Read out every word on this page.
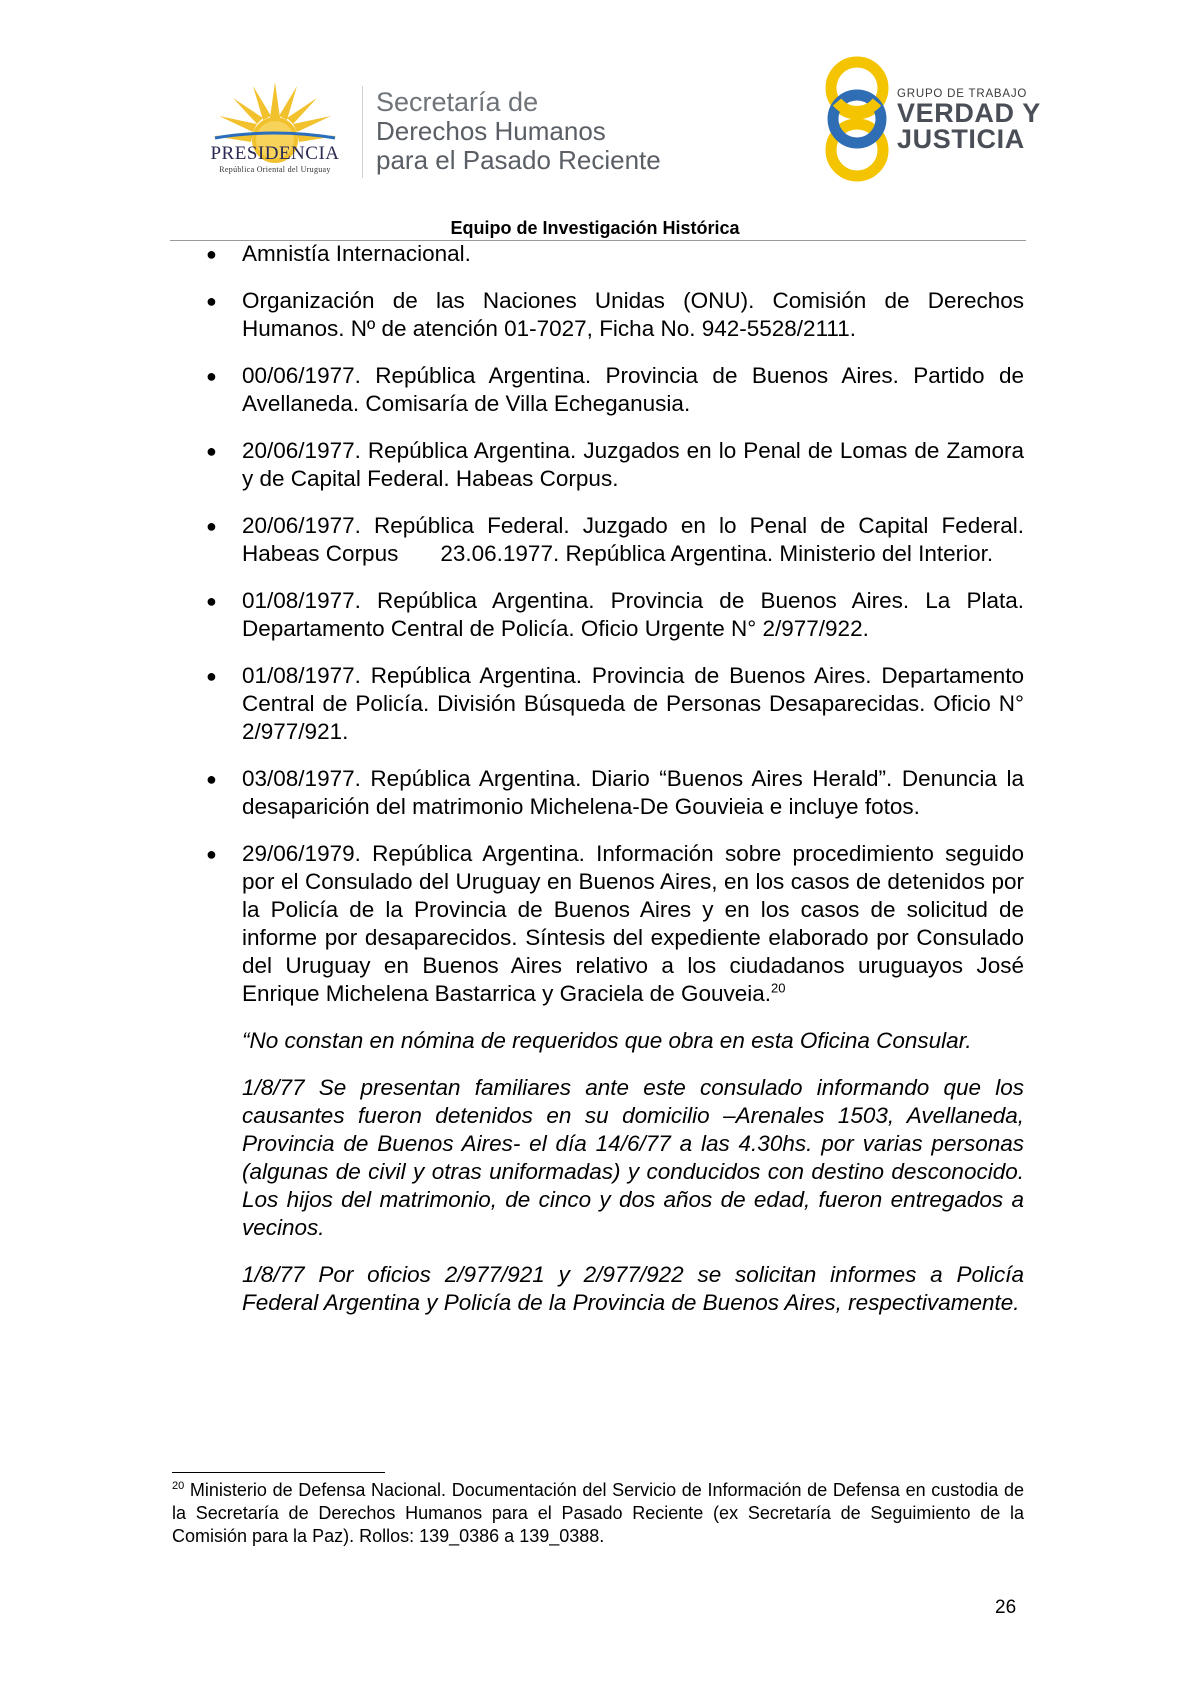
PRESIDENCIA
República Oriental del Uruguay
Secretaría de
Derechos Humanos
para el Pasado Reciente
GRUPO DE TRABAJO
VERDAD Y
JUSTICIA
Equipo de Investigación Histórica
● Amnistía Internacional.
● Organización de las Naciones Unidas (ONU). Comisión de Derechos Humanos. Nº de atención 01-7027, Ficha No. 942-5528/2111.
● 00/06/1977. República Argentina. Provincia de Buenos Aires. Partido de Avellaneda. Comisaría de Villa Echeganusia.
● 20/06/1977. República Argentina. Juzgados en lo Penal de Lomas de Zamora y de Capital Federal. Habeas Corpus.
● 20/06/1977. República Federal. Juzgado en lo Penal de Capital Federal. Habeas Corpus 23.06.1977. República Argentina. Ministerio del Interior.
● 01/08/1977. República Argentina. Provincia de Buenos Aires. La Plata. Departamento Central de Policía. Oficio Urgente N° 2/977/922.
● 01/08/1977. República Argentina. Provincia de Buenos Aires. Departamento Central de Policía. División Búsqueda de Personas Desaparecidas. Oficio N° 2/977/921.
● 03/08/1977. República Argentina. Diario “Buenos Aires Herald”. Denuncia la desaparición del matrimonio Michelena-De Gouvieia e incluye fotos.
● 29/06/1979. República Argentina. Información sobre procedimiento seguido por el Consulado del Uruguay en Buenos Aires, en los casos de detenidos por la Policía de la Provincia de Buenos Aires y en los casos de solicitud de informe por desaparecidos. Síntesis del expediente elaborado por Consulado del Uruguay en Buenos Aires relativo a los ciudadanos uruguayos José Enrique Michelena Bastarrica y Graciela de Gouveia.$^{20}$
“No constan en nómina de requeridos que obra en esta Oficina Consular.
1/8/77 Se presentan familiares ante este consulado informando que los causantes fueron detenidos en su domicilio –Arenales 1503, Avellaneda, Provincia de Buenos Aires- el día 14/6/77 a las 4.30hs. por varias personas (algunas de civil y otras uniformadas) y conducidos con destino desconocido. Los hijos del matrimonio, de cinco y dos años de edad, fueron entregados a vecinos.
1/8/77 Por oficios 2/977/921 y 2/977/922 se solicitan informes a Policía Federal Argentina y Policía de la Provincia de Buenos Aires, respectivamente.
$^{20}$ Ministerio de Defensa Nacional. Documentación del Servicio de Información de Defensa en custodia de la Secretaría de Derechos Humanos para el Pasado Reciente (ex Secretaría de Seguimiento de la Comisión para la Paz). Rollos: 139_0386 a 139_0388.
26
